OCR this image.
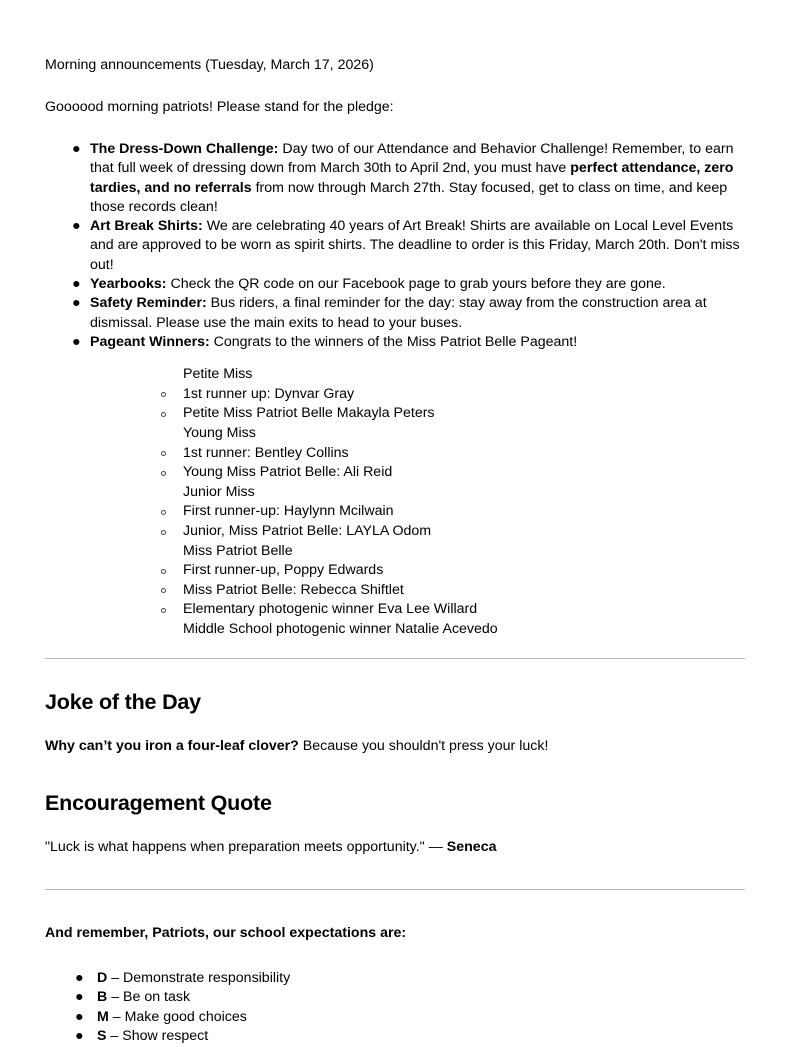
Morning announcements (Tuesday, March 17, 2026)

Goooood morning patriots! Please stand for the pledge:

● The Dress-Down Challenge: Day two of our Attendance and Behavior Challenge! Remember, to earn that full week of dressing down from March 30th to April 2nd, you must have perfect attendance, zero tardies, and no referrals from now through March 27th. Stay focused, get to class on time, and keep those records clean!
● Art Break Shirts: We are celebrating 40 years of Art Break! Shirts are available on Local Level Events and are approved to be worn as spirit shirts. The deadline to order is this Friday, March 20th. Don't miss out!
● Yearbooks: Check the QR code on our Facebook page to grab yours before they are gone.
● Safety Reminder: Bus riders, a final reminder for the day: stay away from the construction area at dismissal. Please use the main exits to head to your buses.
● Pageant Winners: Congrats to the winners of the Miss Patriot Belle Pageant!
Petite Miss
1st runner up: Dynvar Gray
Petite Miss Patriot Belle Makayla Peters
Young Miss
1st runner: Bentley Collins
Young Miss Patriot Belle: Ali Reid
Junior Miss
First runner-up: Haylynn Mcilwain
Junior, Miss Patriot Belle: LAYLA Odom
Miss Patriot Belle
First runner-up, Poppy Edwards
Miss Patriot Belle: Rebecca Shiftlet
Elementary photogenic winner Eva Lee Willard
Middle School photogenic winner Natalie Acevedo
Joke of the Day

Why can’t you iron a four-leaf clover? Because you shouldn't press your luck!

Encouragement Quote

"Luck is what happens when preparation meets opportunity." — Seneca

And remember, Patriots, our school expectations are:

● D – Demonstrate responsibility
● B – Be on task
● M – Make good choices
● S – Show respect
